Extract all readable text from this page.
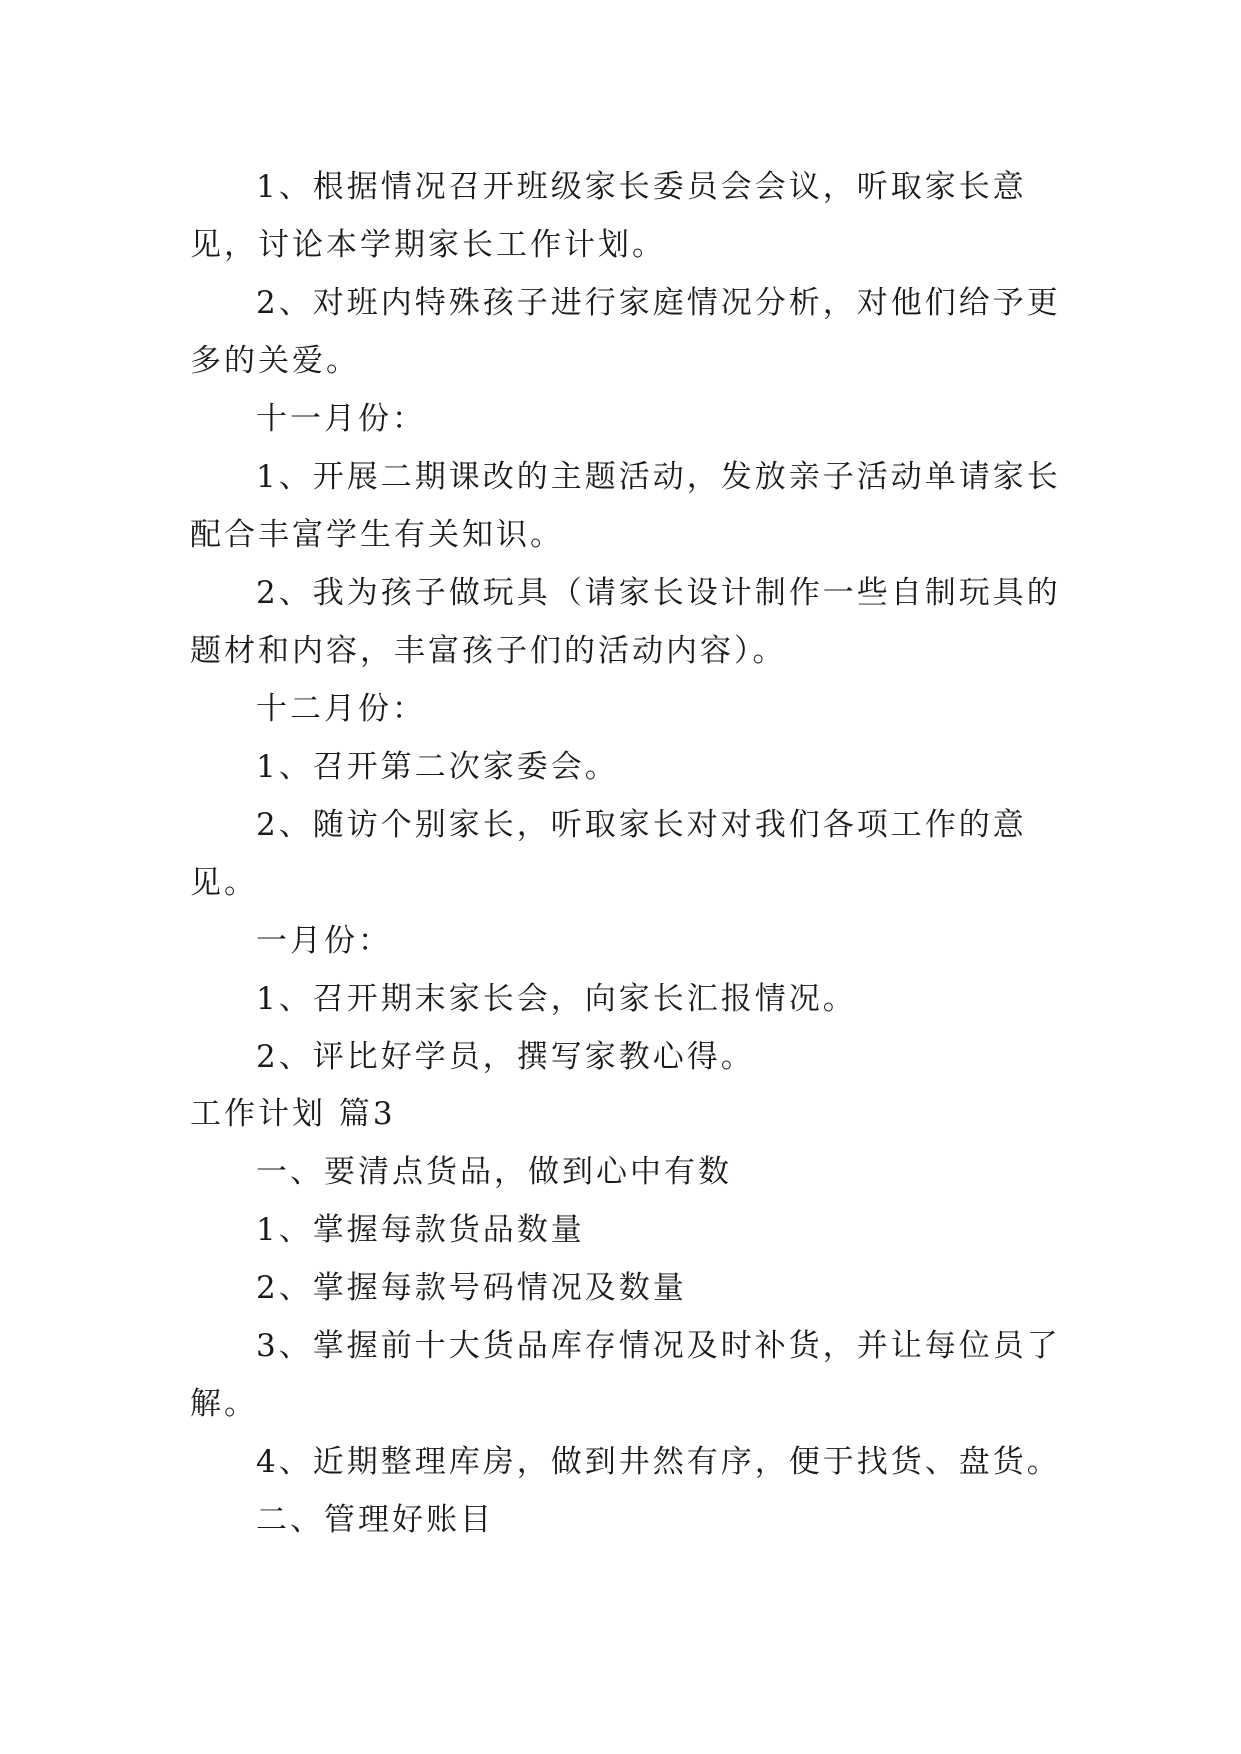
1、根据情况召开班级家长委员会会议，听取家长意见，讨论本学期家长工作计划。

2、对班内特殊孩子进行家庭情况分析，对他们给予更多的关爱。

十一月份：

1、开展二期课改的主题活动，发放亲子活动单请家长配合丰富学生有关知识。

2、我为孩子做玩具（请家长设计制作一些自制玩具的题材和内容，丰富孩子们的活动内容）。

十二月份：

1、召开第二次家委会。

2、随访个别家长，听取家长对对我们各项工作的意见。

一月份：

1、召开期末家长会，向家长汇报情况。

2、评比好学员，撰写家教心得。

工作计划 篇3

一、要清点货品，做到心中有数

1、掌握每款货品数量

2、掌握每款号码情况及数量

3、掌握前十大货品库存情况及时补货，并让每位员了解。

4、近期整理库房，做到井然有序，便于找货、盘货。

二、管理好账目
